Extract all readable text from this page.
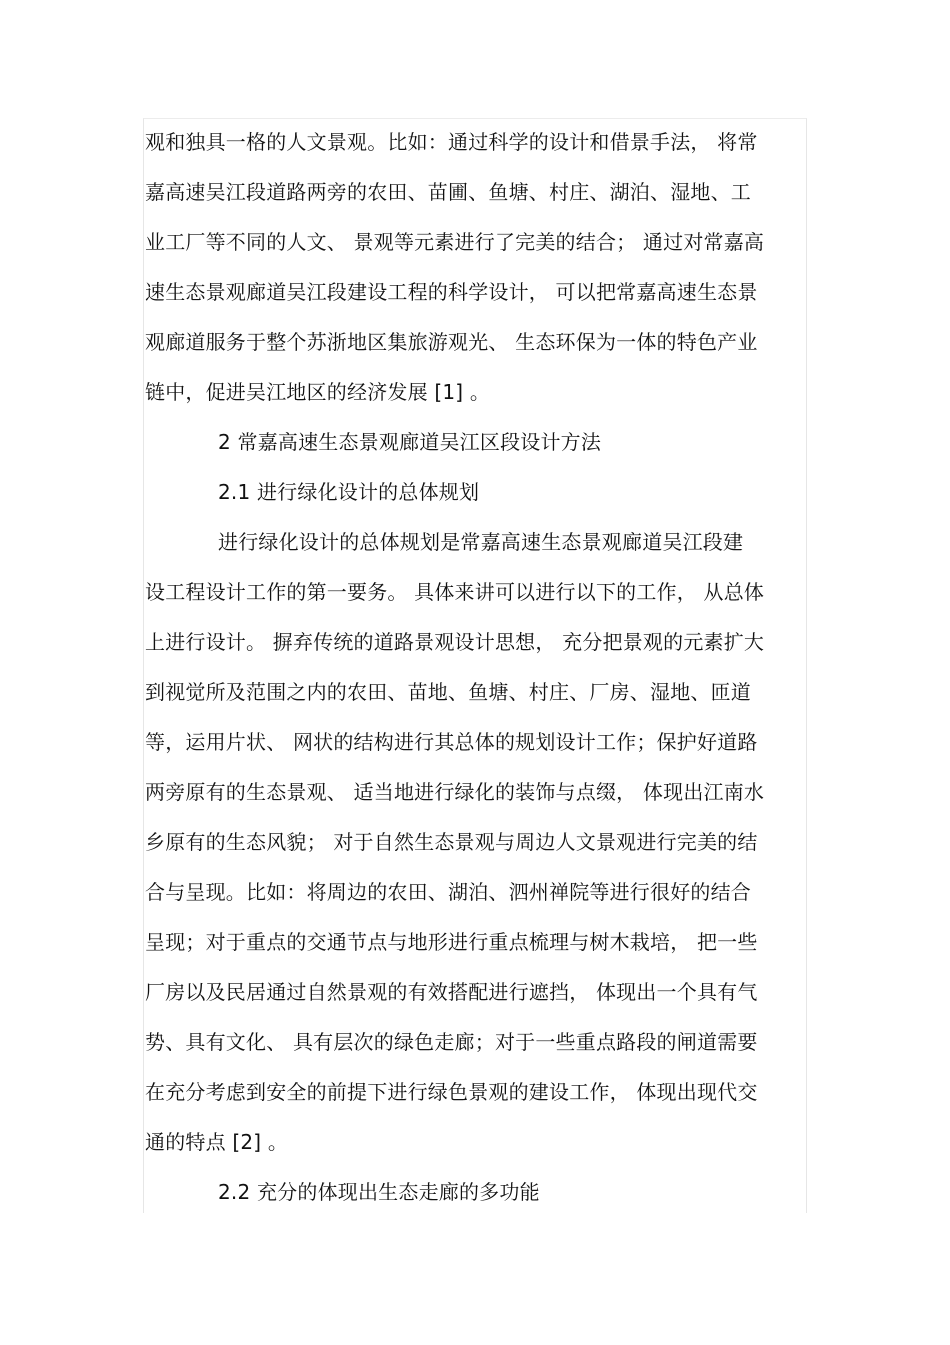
观和独具一格的人文景观。比如：通过科学的设计和借景手法， 将常
嘉高速吴江段道路两旁的农田、苗圃、鱼塘、村庄、湖泊、湿地、工
业工厂等不同的人文、 景观等元素进行了完美的结合； 通过对常嘉高
速生态景观廊道吴江段建设工程的科学设计， 可以把常嘉高速生态景
观廊道服务于整个苏浙地区集旅游观光、 生态环保为一体的特色产业
链中，促进吴江地区的经济发展 [1] 。
2 常嘉高速生态景观廊道吴江区段设计方法
2.1 进行绿化设计的总体规划
进行绿化设计的总体规划是常嘉高速生态景观廊道吴江段建
设工程设计工作的第一要务。 具体来讲可以进行以下的工作， 从总体
上进行设计。 摒弃传统的道路景观设计思想， 充分把景观的元素扩大
到视觉所及范围之内的农田、苗地、鱼塘、村庄、厂房、湿地、匝道
等，运用片状、 网状的结构进行其总体的规划设计工作；保护好道路
两旁原有的生态景观、 适当地进行绿化的装饰与点缀， 体现出江南水
乡原有的生态风貌； 对于自然生态景观与周边人文景观进行完美的结
合与呈现。比如：将周边的农田、湖泊、泗州禅院等进行很好的结合
呈现；对于重点的交通节点与地形进行重点梳理与树木栽培， 把一些
厂房以及民居通过自然景观的有效搭配进行遮挡， 体现出一个具有气
势、具有文化、 具有层次的绿色走廊；对于一些重点路段的闸道需要
在充分考虑到安全的前提下进行绿色景观的建设工作， 体现出现代交
通的特点 [2] 。
2.2 充分的体现出生态走廊的多功能
